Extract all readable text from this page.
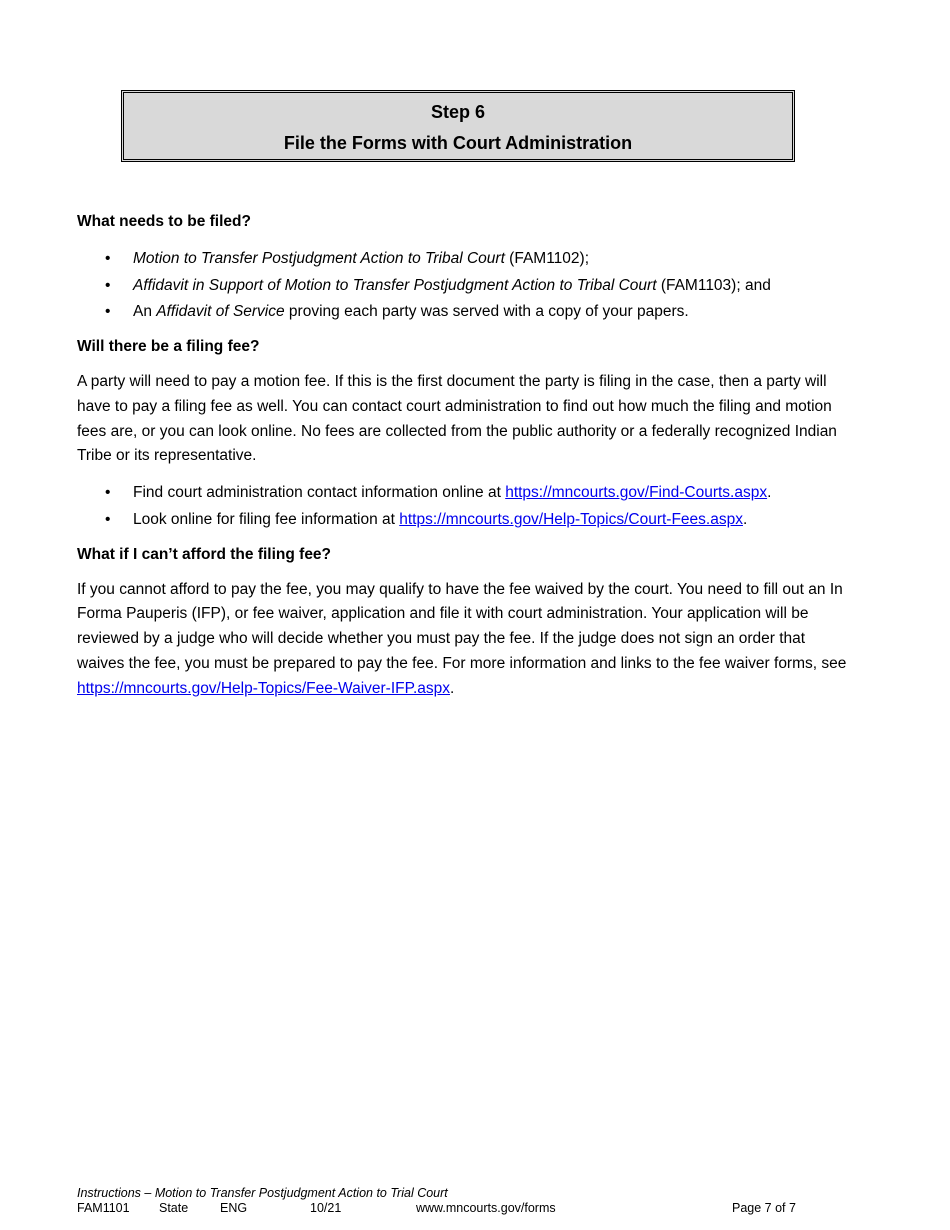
Step 6
File the Forms with Court Administration

What needs to be filed?

• Motion to Transfer Postjudgment Action to Tribal Court (FAM1102);
• Affidavit in Support of Motion to Transfer Postjudgment Action to Tribal Court (FAM1103); and
• An Affidavit of Service proving each party was served with a copy of your papers.

Will there be a filing fee?

A party will need to pay a motion fee. If this is the first document the party is filing in the case, then a party will have to pay a filing fee as well. You can contact court administration to find out how much the filing and motion fees are, or you can look online. No fees are collected from the public authority or a federally recognized Indian Tribe or its representative.

• Find court administration contact information online at https://mncourts.gov/Find-Courts.aspx.
• Look online for filing fee information at https://mncourts.gov/Help-Topics/Court-Fees.aspx.

What if I can’t afford the filing fee?

If you cannot afford to pay the fee, you may qualify to have the fee waived by the court. You need to fill out an In Forma Pauperis (IFP), or fee waiver, application and file it with court administration. Your application will be reviewed by a judge who will decide whether you must pay the fee. If the judge does not sign an order that waives the fee, you must be prepared to pay the fee. For more information and links to the fee waiver forms, see https://mncourts.gov/Help-Topics/Fee-Waiver-IFP.aspx.

Instructions – Motion to Transfer Postjudgment Action to Trial Court
FAM1101 State	ENG	10/21	www.mncourts.gov/forms	Page 7 of 7
